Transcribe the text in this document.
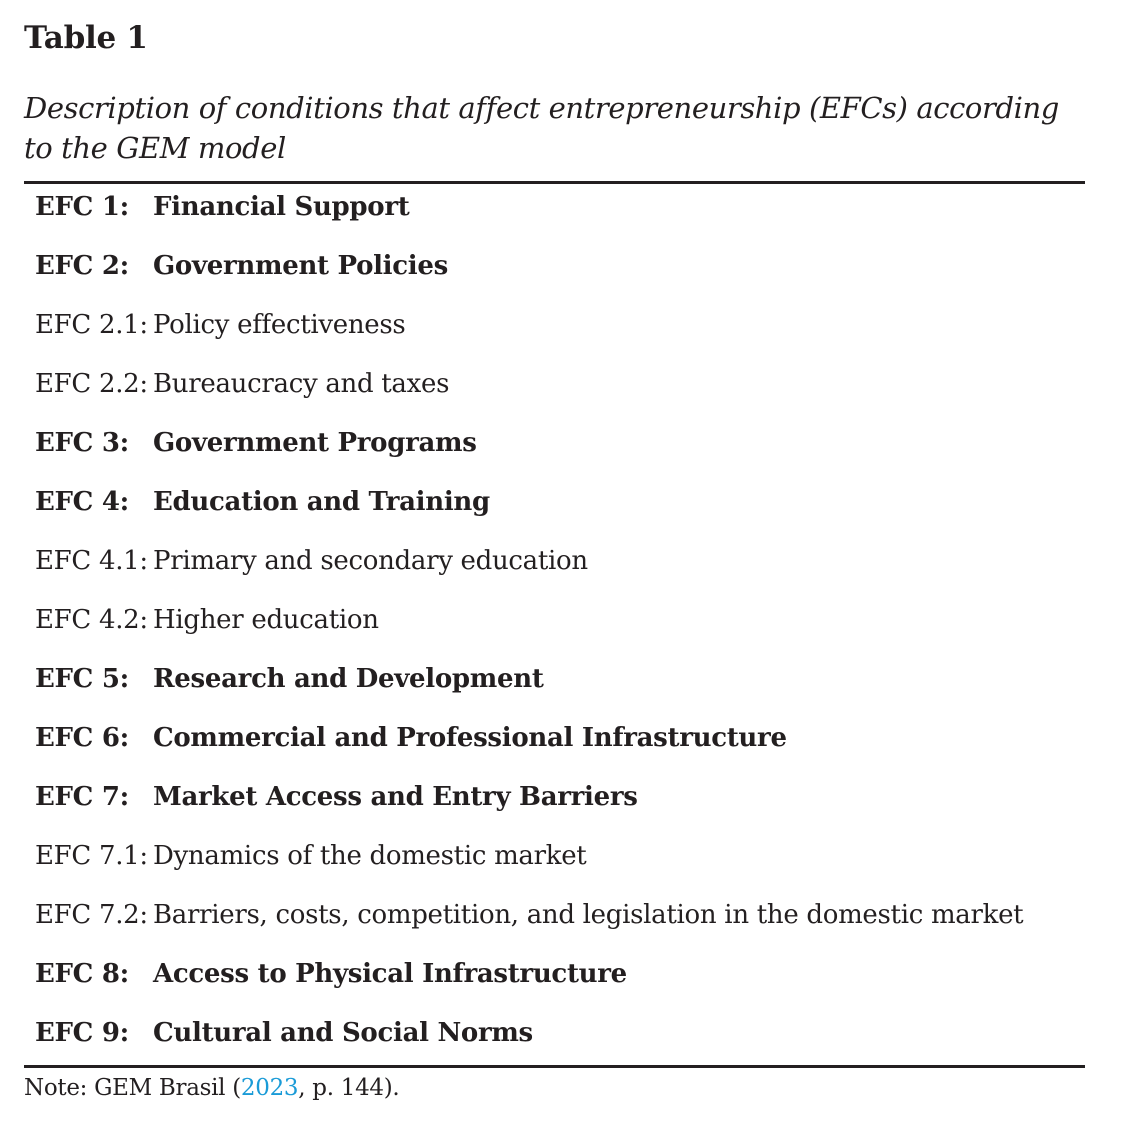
Table 1
Description of conditions that affect entrepreneurship (EFCs) according to the GEM model
EFC 1: Financial Support
EFC 2: Government Policies
EFC 2.1: Policy effectiveness
EFC 2.2: Bureaucracy and taxes
EFC 3: Government Programs
EFC 4: Education and Training
EFC 4.1: Primary and secondary education
EFC 4.2: Higher education
EFC 5: Research and Development
EFC 6: Commercial and Professional Infrastructure
EFC 7: Market Access and Entry Barriers
EFC 7.1: Dynamics of the domestic market
EFC 7.2: Barriers, costs, competition, and legislation in the domestic market
EFC 8: Access to Physical Infrastructure
EFC 9: Cultural and Social Norms
Note: GEM Brasil (2023, p. 144).
